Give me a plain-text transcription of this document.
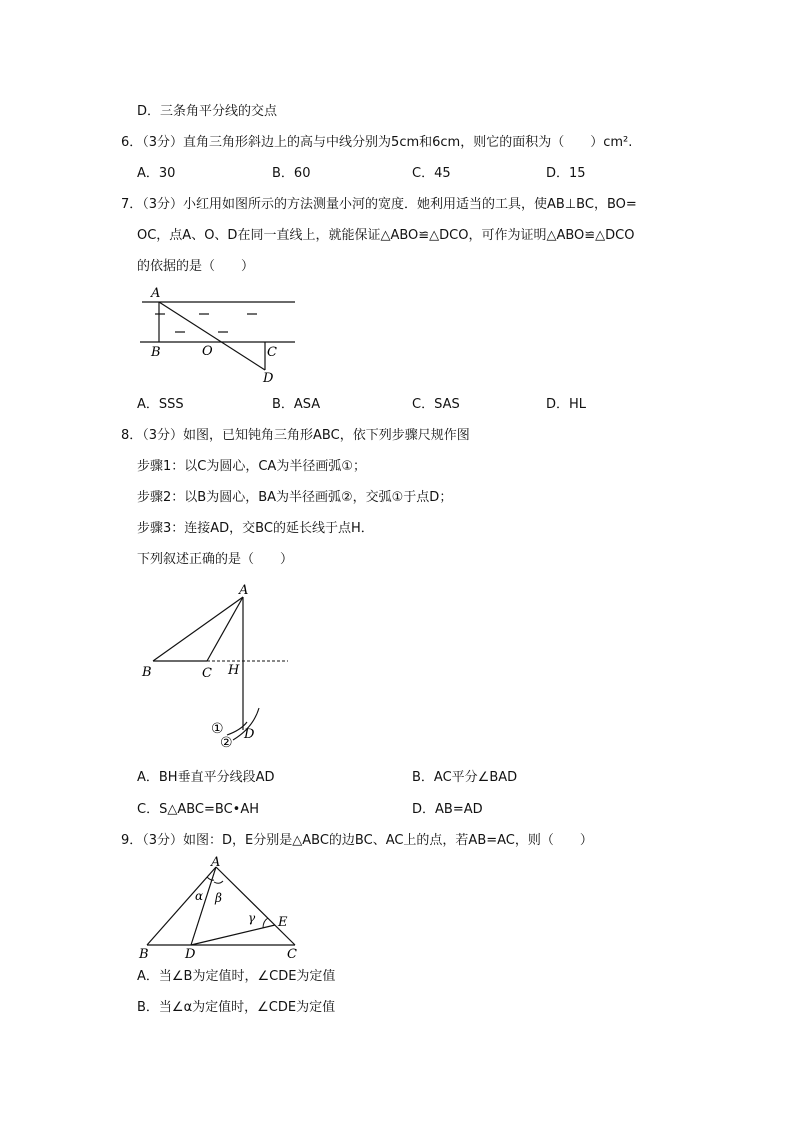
D．三条角平分线的交点
6．（3分）直角三角形斜边上的高与中线分别为5cm和6cm，则它的面积为（　　）cm².
A．30	B．60	C．45	D．15
7．（3分）小红用如图所示的方法测量小河的宽度．她利用适当的工具，使AB⊥BC，BO=
OC，点A、O、D在同一直线上，就能保证△ABO≌△DCO，可作为证明△ABO≌△DCO
的依据的是（　　）
A
B	O	C
D
A．SSS	B．ASA	C．SAS	D．HL
8．（3分）如图，已知钝角三角形ABC，依下列步骤尺规作图
步骤1：以C为圆心，CA为半径画弧①；
步骤2：以B为圆心，BA为半径画弧②，交弧①于点D；
步骤3：连接AD，交BC的延长线于点H．
下列叙述正确的是（　　）
A
B	C H
D
①
②
A．BH垂直平分线段AD	B．AC平分∠BAD
C．S△ABC=BC•AH	D．AB=AD
9．（3分）如图：D，E分别是△ABC的边BC、AC上的点，若AB=AC，则（　　）
A
B	C
D
E
α β
γ
A．当∠B为定值时，∠CDE为定值
B．当∠α为定值时，∠CDE为定值
